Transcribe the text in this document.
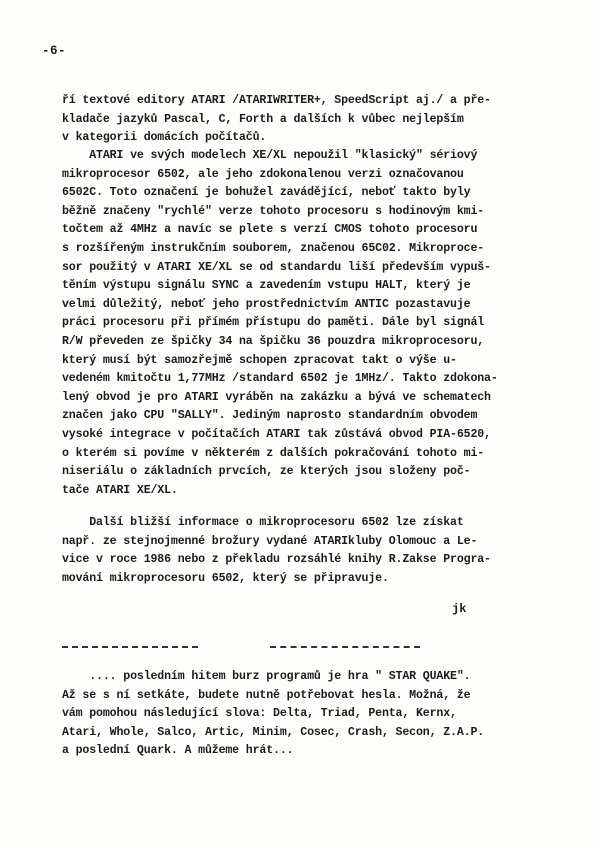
-6-
ří textové editory ATARI /ATARIWRITER+, SpeedScript aj./ a pře-
kladače jazyků Pascal, C, Forth a dalších k vůbec nejlepším
v kategorii domácích počítačů.
ATARI ve svých modelech XE/XL nepoužil "klasický" sériový
mikroprocesor 6502, ale jeho zdokonalenou verzi označovanou
6502C. Toto označení je bohužel zavádějící, neboť takto byly
běžně značeny "rychlé" verze tohoto procesoru s hodinovým kmi-
točtem až 4MHz a navíc se plete s verzí CMOS tohoto procesoru
s rozšířeným instrukčním souborem, značenou 65C02. Mikroproce-
sor použitý v ATARI XE/XL se od standardu liší především vypuš-
těním výstupu signálu SYNC a zavedením vstupu HALT, který je
velmi důležitý, neboť jeho prostřednictvím ANTIC pozastavuje
práci procesoru při přímém přístupu do paměti. Dále byl signál
R/W převeden ze špičky 34 na špičku 36 pouzdra mikroprocesoru,
který musí být samozřejmě schopen zpracovat takt o výše u-
vedeném kmitočtu 1,77MHz /standard 6502 je 1MHz/. Takto zdokona-
lený obvod je pro ATARI vyráběn na zakázku a bývá ve schematech
značen jako CPU "SALLY". Jediným naprosto standardním obvodem
vysoké integrace v počítačích ATARI tak zůstává obvod PIA-6520,
o kterém si povíme v některém z dalších pokračování tohoto mi-
niseriálu o základních prvcích, ze kterých jsou složeny poč-
tače ATARI XE/XL.
Další bližší informace o mikroprocesoru 6502 lze získat
např. ze stejnojmenné brožury vydané ATARIkluby Olomouc a Le-
vice v roce 1986 nebo z překladu rozsáhlé knihy R.Zakse Progra-
mování mikroprocesoru 6502, který se připravuje.
jk
.... posledním hitem burz programů je hra " STAR QUAKE".
Až se s ní setkáte, budete nutně potřebovat hesla. Možná, že
vám pomohou následující slova: Delta, Triad, Penta, Kernx,
Atari, Whole, Salco, Artic, Minim, Cosec, Crash, Secon, Z.A.P.
a poslední Quark. A můžeme hrát...
